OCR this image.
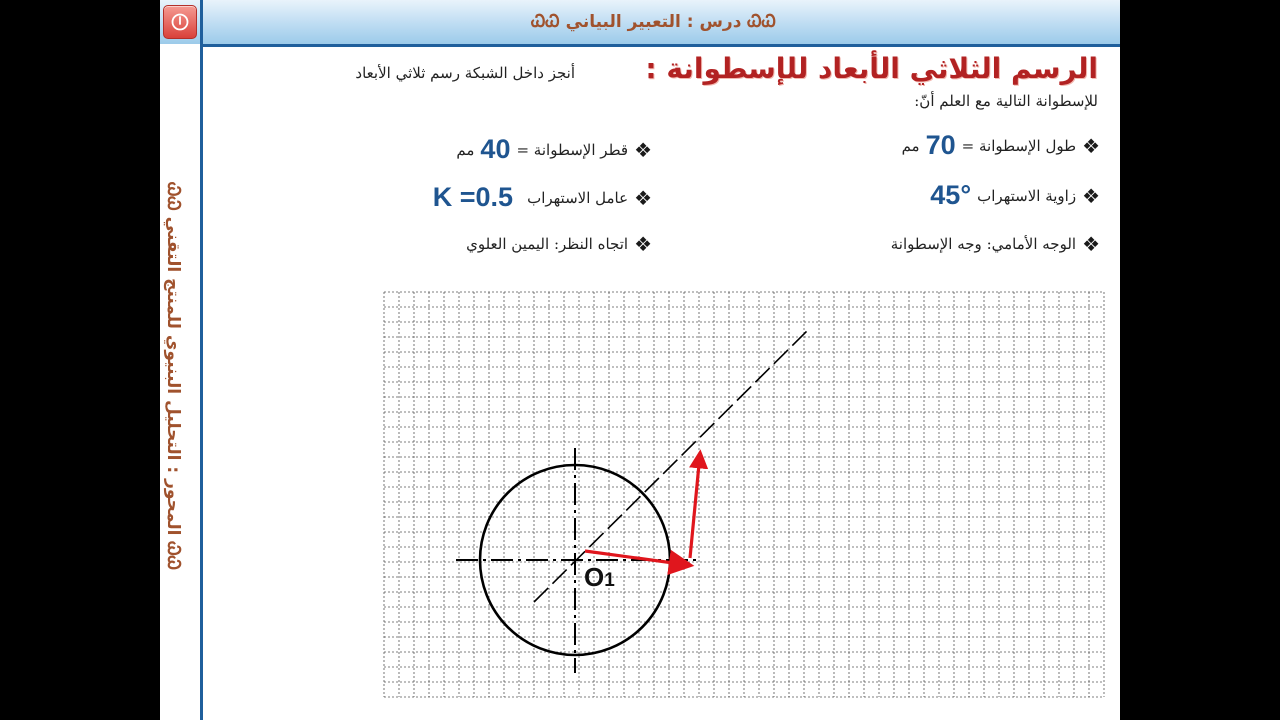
ᏇᏇ درس : التعبير البياني ᏇᏇ
ᏇᏇ المحور : التحليل البنيوي للمنتج التقني ᏇᏇ
الرسم الثلاثي الأبعاد للإسطوانة :
أنجز داخل الشبكة رسم ثلاثي الأبعاد
للإسطوانة التالية مع العلم أنّ:
❖
طول الإسطوانة =
70
مم
❖
زاوية الاستهراب
45°
❖
الوجه الأمامي: وجه الإسطوانة
❖
قطر الإسطوانة =
40
مم
❖
عامل الاستهراب
K =0.5
❖
اتجاه النظر: اليمين العلوي
O1
